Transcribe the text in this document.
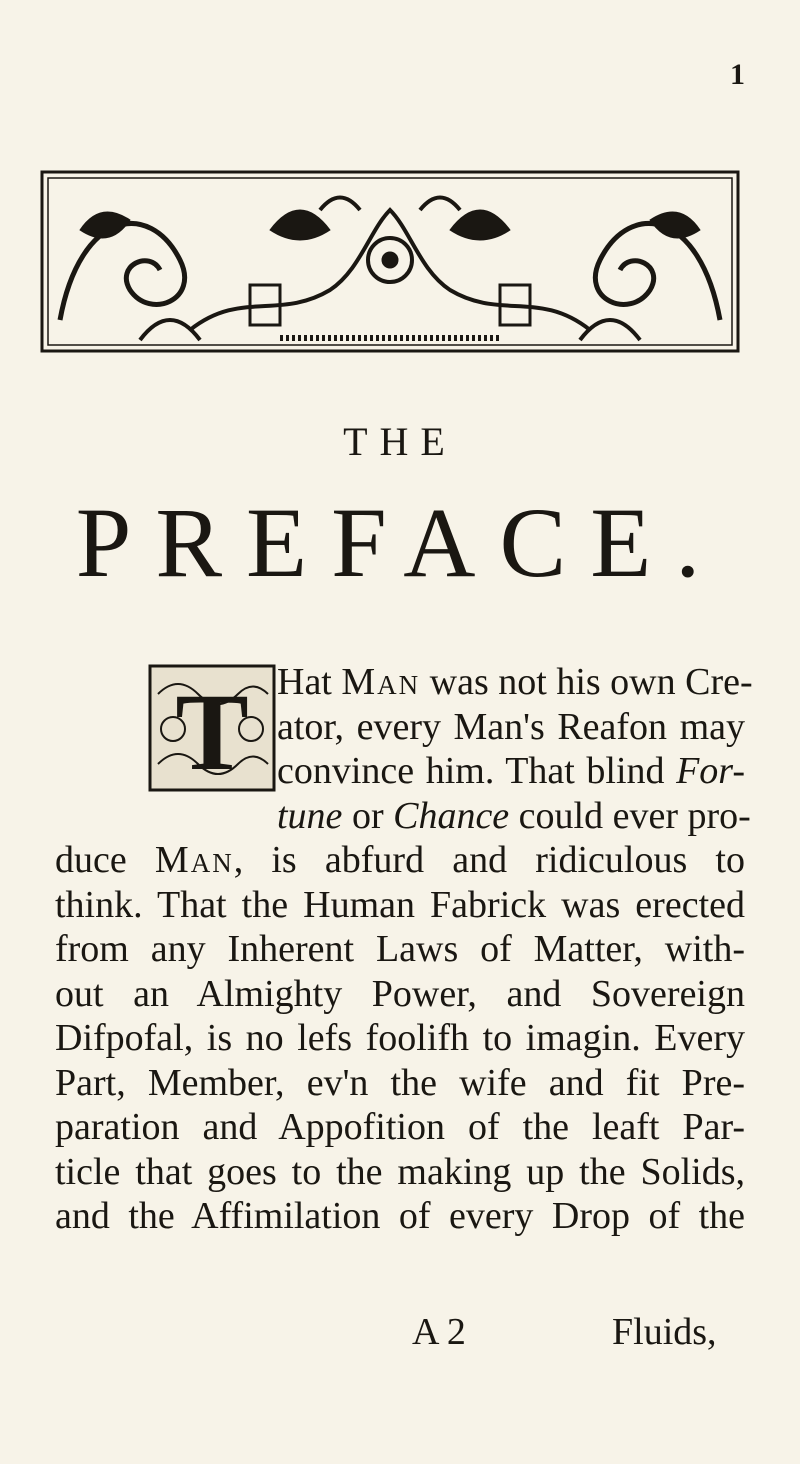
1
THE
PREFACE.
T Hat Man was not his own Cre-
ator, every Man's Reafon may
convince him. That blind For-
tune or Chance could ever pro-
duce Man, is abfurd and ridiculous to
think. That the Human Fabrick was erected
from any Inherent Laws of Matter, with-
out an Almighty Power, and Sovereign
Difpofal, is no lefs foolifh to imagin. Every
Part, Member, ev'n the wife and fit Pre-
paration and Appofition of the leaft Par-
ticle that goes to the making up the Solids,
and the Affimilation of every Drop of the
A 2	Fluids,
